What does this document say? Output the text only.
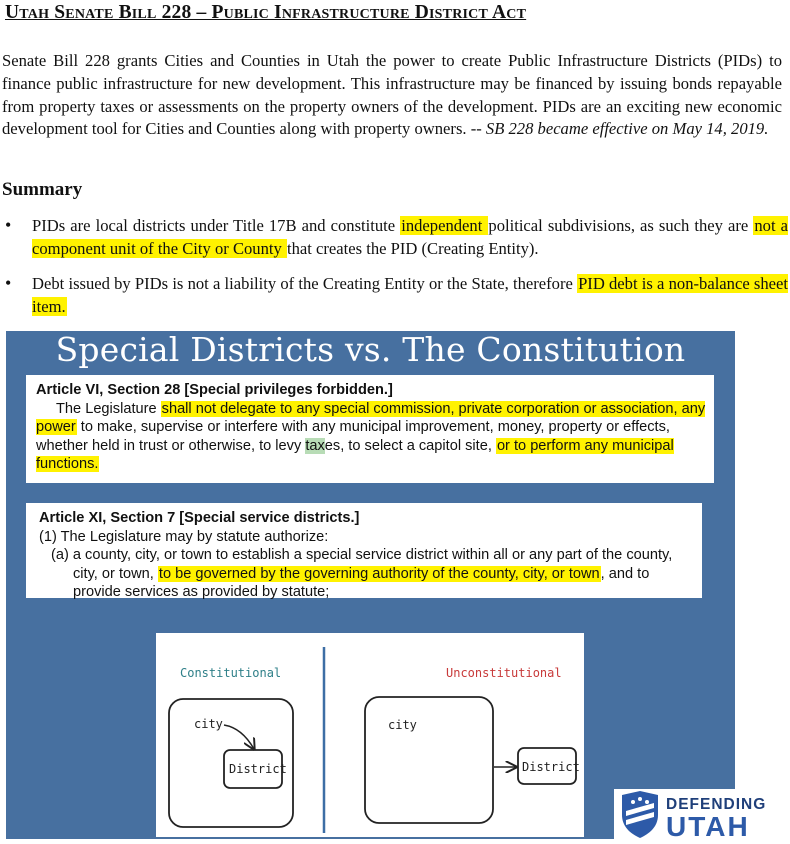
Utah Senate Bill 228 – Public Infrastructure District Act

Senate Bill 228 grants Cities and Counties in Utah the power to create Public Infrastructure Districts (PIDs) to finance public infrastructure for new development. This infrastructure may be financed by issuing bonds repayable from property taxes or assessments on the property owners of the development. PIDs are an exciting new economic development tool for Cities and Counties along with property owners. -- SB 228 became effective on May 14, 2019.

Summary
• PIDs are local districts under Title 17B and constitute independent political subdivisions, as such they are not a component unit of the City or County that creates the PID (Creating Entity).
• Debt issued by PIDs is not a liability of the Creating Entity or the State, therefore PID debt is a non-balance sheet item.
Special Districts vs. The Constitution
Article VI, Section 28 [Special privileges forbidden.]
The Legislature shall not delegate to any special commission, private corporation or association, any power to make, supervise or interfere with any municipal improvement, money, property or effects, whether held in trust or otherwise, to levy taxes, to select a capitol site, or to perform any municipal functions.
Article XI, Section 7 [Special service districts.]
(1) The Legislature may by statute authorize:
(a) a county, city, or town to establish a special service district within all or any part of the county,
city, or town, to be governed by the governing authority of the county, city, or town, and to
provide services as provided by statute;
Constitutional	Unconstitutional
city
District
city
District
DEFENDING
UTAH
